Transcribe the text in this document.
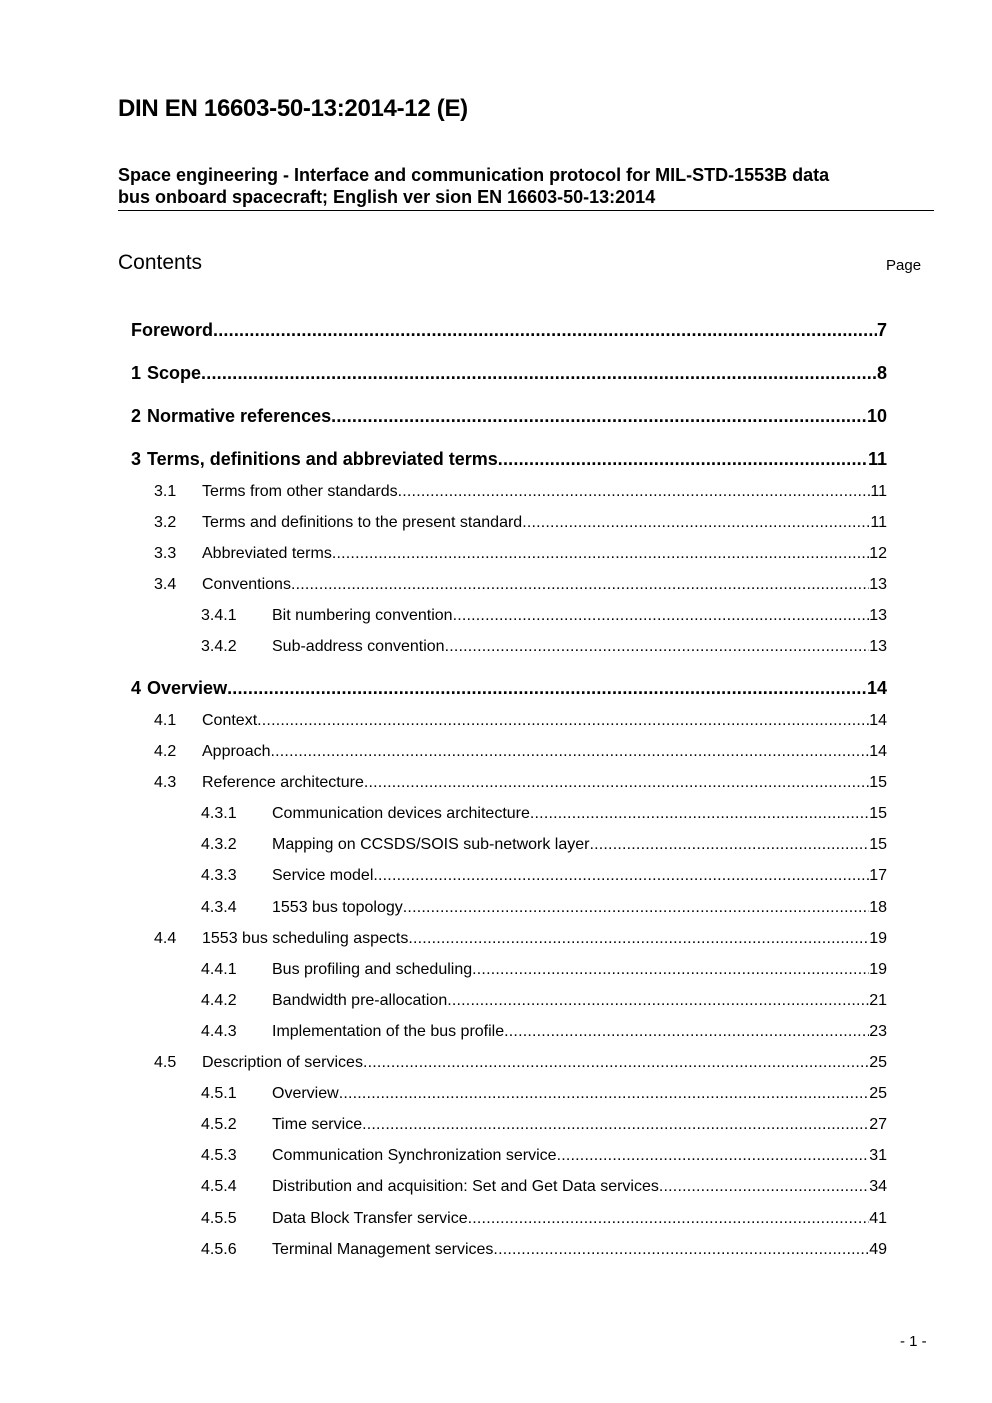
DIN EN 16603-50-13:2014-12 (E)
Space engineering - Interface and communication protocol for MIL-STD-1553B data
bus onboard spacecraft; English ver sion EN 16603-50-13:2014
Contents	Page
Foreword .....	7
1 Scope .....	8
2 Normative references .....	10
3 Terms, definitions and abbreviated terms .....	11
3.1	Terms from other standards .....	11
3.2	Terms and definitions to the present standard .....	11
3.3	Abbreviated terms .....	12
3.4	Conventions .....	13
3.4.1	Bit numbering convention .....	13
3.4.2	Sub-address convention .....	13
4 Overview .....	14
4.1	Context .....	14
4.2	Approach .....	14
4.3	Reference architecture .....	15
4.3.1	Communication devices architecture .....	15
4.3.2	Mapping on CCSDS/SOIS sub-network layer .....	15
4.3.3	Service model .....	17
4.3.4	1553 bus topology .....	18
4.4	1553 bus scheduling aspects .....	19
4.4.1	Bus profiling and scheduling .....	19
4.4.2	Bandwidth pre-allocation .....	21
4.4.3	Implementation of the bus profile .....	23
4.5	Description of services .....	25
4.5.1	Overview .....	25
4.5.2	Time service .....	27
4.5.3	Communication Synchronization service .....	31
4.5.4	Distribution and acquisition: Set and Get Data services .....	34
4.5.5	Data Block Transfer service .....	41
4.5.6	Terminal Management services .....	49
- 1 -
